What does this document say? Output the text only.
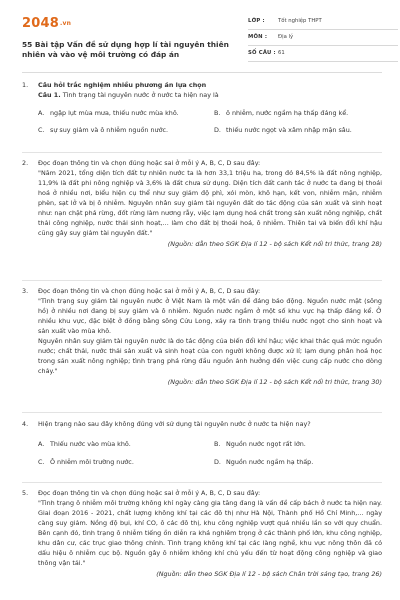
2048.vn
55 Bài tập Vấn đề sử dụng hợp lí tài nguyên thiên nhiên và vào vệ môi trường có đáp án
LỚP : Tốt nghiệp THPT
MÔN : Địa lý
SỐ CÂU : 61
1. Câu hỏi trắc nghiệm nhiều phương án lựa chọn
Câu 1. Tình trạng tài nguyên nước ở nước ta hiện nay là
A. ngập lụt mùa mưa, thiếu nước mùa khô.	B. ô nhiễm, nước ngầm hạ thấp đáng kể.
C. sự suy giảm và ô nhiễm nguồn nước.	D. thiếu nước ngọt và xâm nhập mặn sâu.
2. Đọc đoạn thông tin và chọn đúng hoặc sai ở mỗi ý A, B, C, D sau đây:
"Năm 2021, tổng diện tích đất tự nhiên nước ta là hơn 33,1 triệu ha, trong đó 84,5% là đất nông nghiệp, 11,9% là đất phi nông nghiệp và 3,6% là đất chưa sử dụng. Diện tích đất canh tác ở nước ta đang bị thoái hoá ở nhiều nơi, biểu hiện cụ thể như suy giảm độ phì, xói mòn, khô hạn, kết von, nhiễm mặn, nhiễm phèn, sạt lở và bị ô nhiễm. Nguyên nhân suy giảm tài nguyên đất do tác động của sản xuất và sinh hoạt như: nạn chặt phá rừng, đốt rừng làm nương rẫy, việc lạm dụng hoá chất trong sản xuất nông nghiệp, chất thải công nghiệp, nước thải sinh hoạt,... làm cho đất bị thoái hoá, ô nhiễm. Thiên tai và biến đổi khí hậu cũng gây suy giảm tài nguyên đất."
(Nguồn: dẫn theo SGK Địa lí 12 - bộ sách Kết nối tri thức, trang 28)
3. Đọc đoạn thông tin và chọn đúng hoặc sai ở mỗi ý A, B, C, D sau đây:
"Tình trạng suy giảm tài nguyên nước ở Việt Nam là một vấn đề đáng báo động. Nguồn nước mặt (sông hồ) ở nhiều nơi đang bị suy giảm và ô nhiễm. Nguồn nước ngầm ở một số khu vực hạ thấp đáng kể. Ở nhiều khu vực, đặc biệt ở đồng bằng sông Cửu Long, xảy ra tình trạng thiếu nước ngọt cho sinh hoạt và sản xuất vào mùa khô.
Nguyên nhân suy giảm tài nguyên nước là do tác động của biến đổi khí hậu; việc khai thác quá mức nguồn nước; chất thải, nước thải sản xuất và sinh hoạt của con người không được xử lí; lạm dụng phân hoá học trong sản xuất nông nghiệp; tình trạng phá rừng đầu nguồn ảnh hưởng đến việc cung cấp nước cho dòng chảy."
(Nguồn: dẫn theo SGK Địa lí 12 - bộ sách Kết nối tri thức, trang 30)
4. Hiện trạng nào sau đây không đúng với sử dụng tài nguyên nước ở nước ta hiện nay?
A. Thiếu nước vào mùa khô.	B. Nguồn nước ngọt rất lớn.
C. Ô nhiễm môi trường nước.	D. Nguồn nước ngầm hạ thấp.
5. Đọc đoạn thông tin và chọn đúng hoặc sai ở mỗi ý A, B, C, D sau đây:
"Tình trạng ô nhiễm môi trường không khí ngày càng gia tăng đang là vấn đề cấp bách ở nước ta hiện nay. Giai đoạn 2016 - 2021, chất lượng không khí tại các đô thị như Hà Nội, Thành phố Hồ Chí Minh,... ngày càng suy giảm. Nồng độ bụi, khí CO, ô các đô thị, khu công nghiệp vượt quá nhiều lần so với quy chuẩn. Bên cạnh đó, tình trạng ô nhiễm tiếng ồn diễn ra khá nghiêm trọng ở các thành phố lớn, khu công nghiệp, khu dân cư, các trục giao thông chính. Tình trạng không khí tại các làng nghề, khu vực nông thôn đã có dấu hiệu ô nhiễm cục bộ. Nguồn gây ô nhiễm không khí chủ yếu đến từ hoạt động công nghiệp và giao thông vận tải."
(Nguồn: dẫn theo SGK Địa lí 12 - bộ sách Chân trời sáng tạo, trang 26)
